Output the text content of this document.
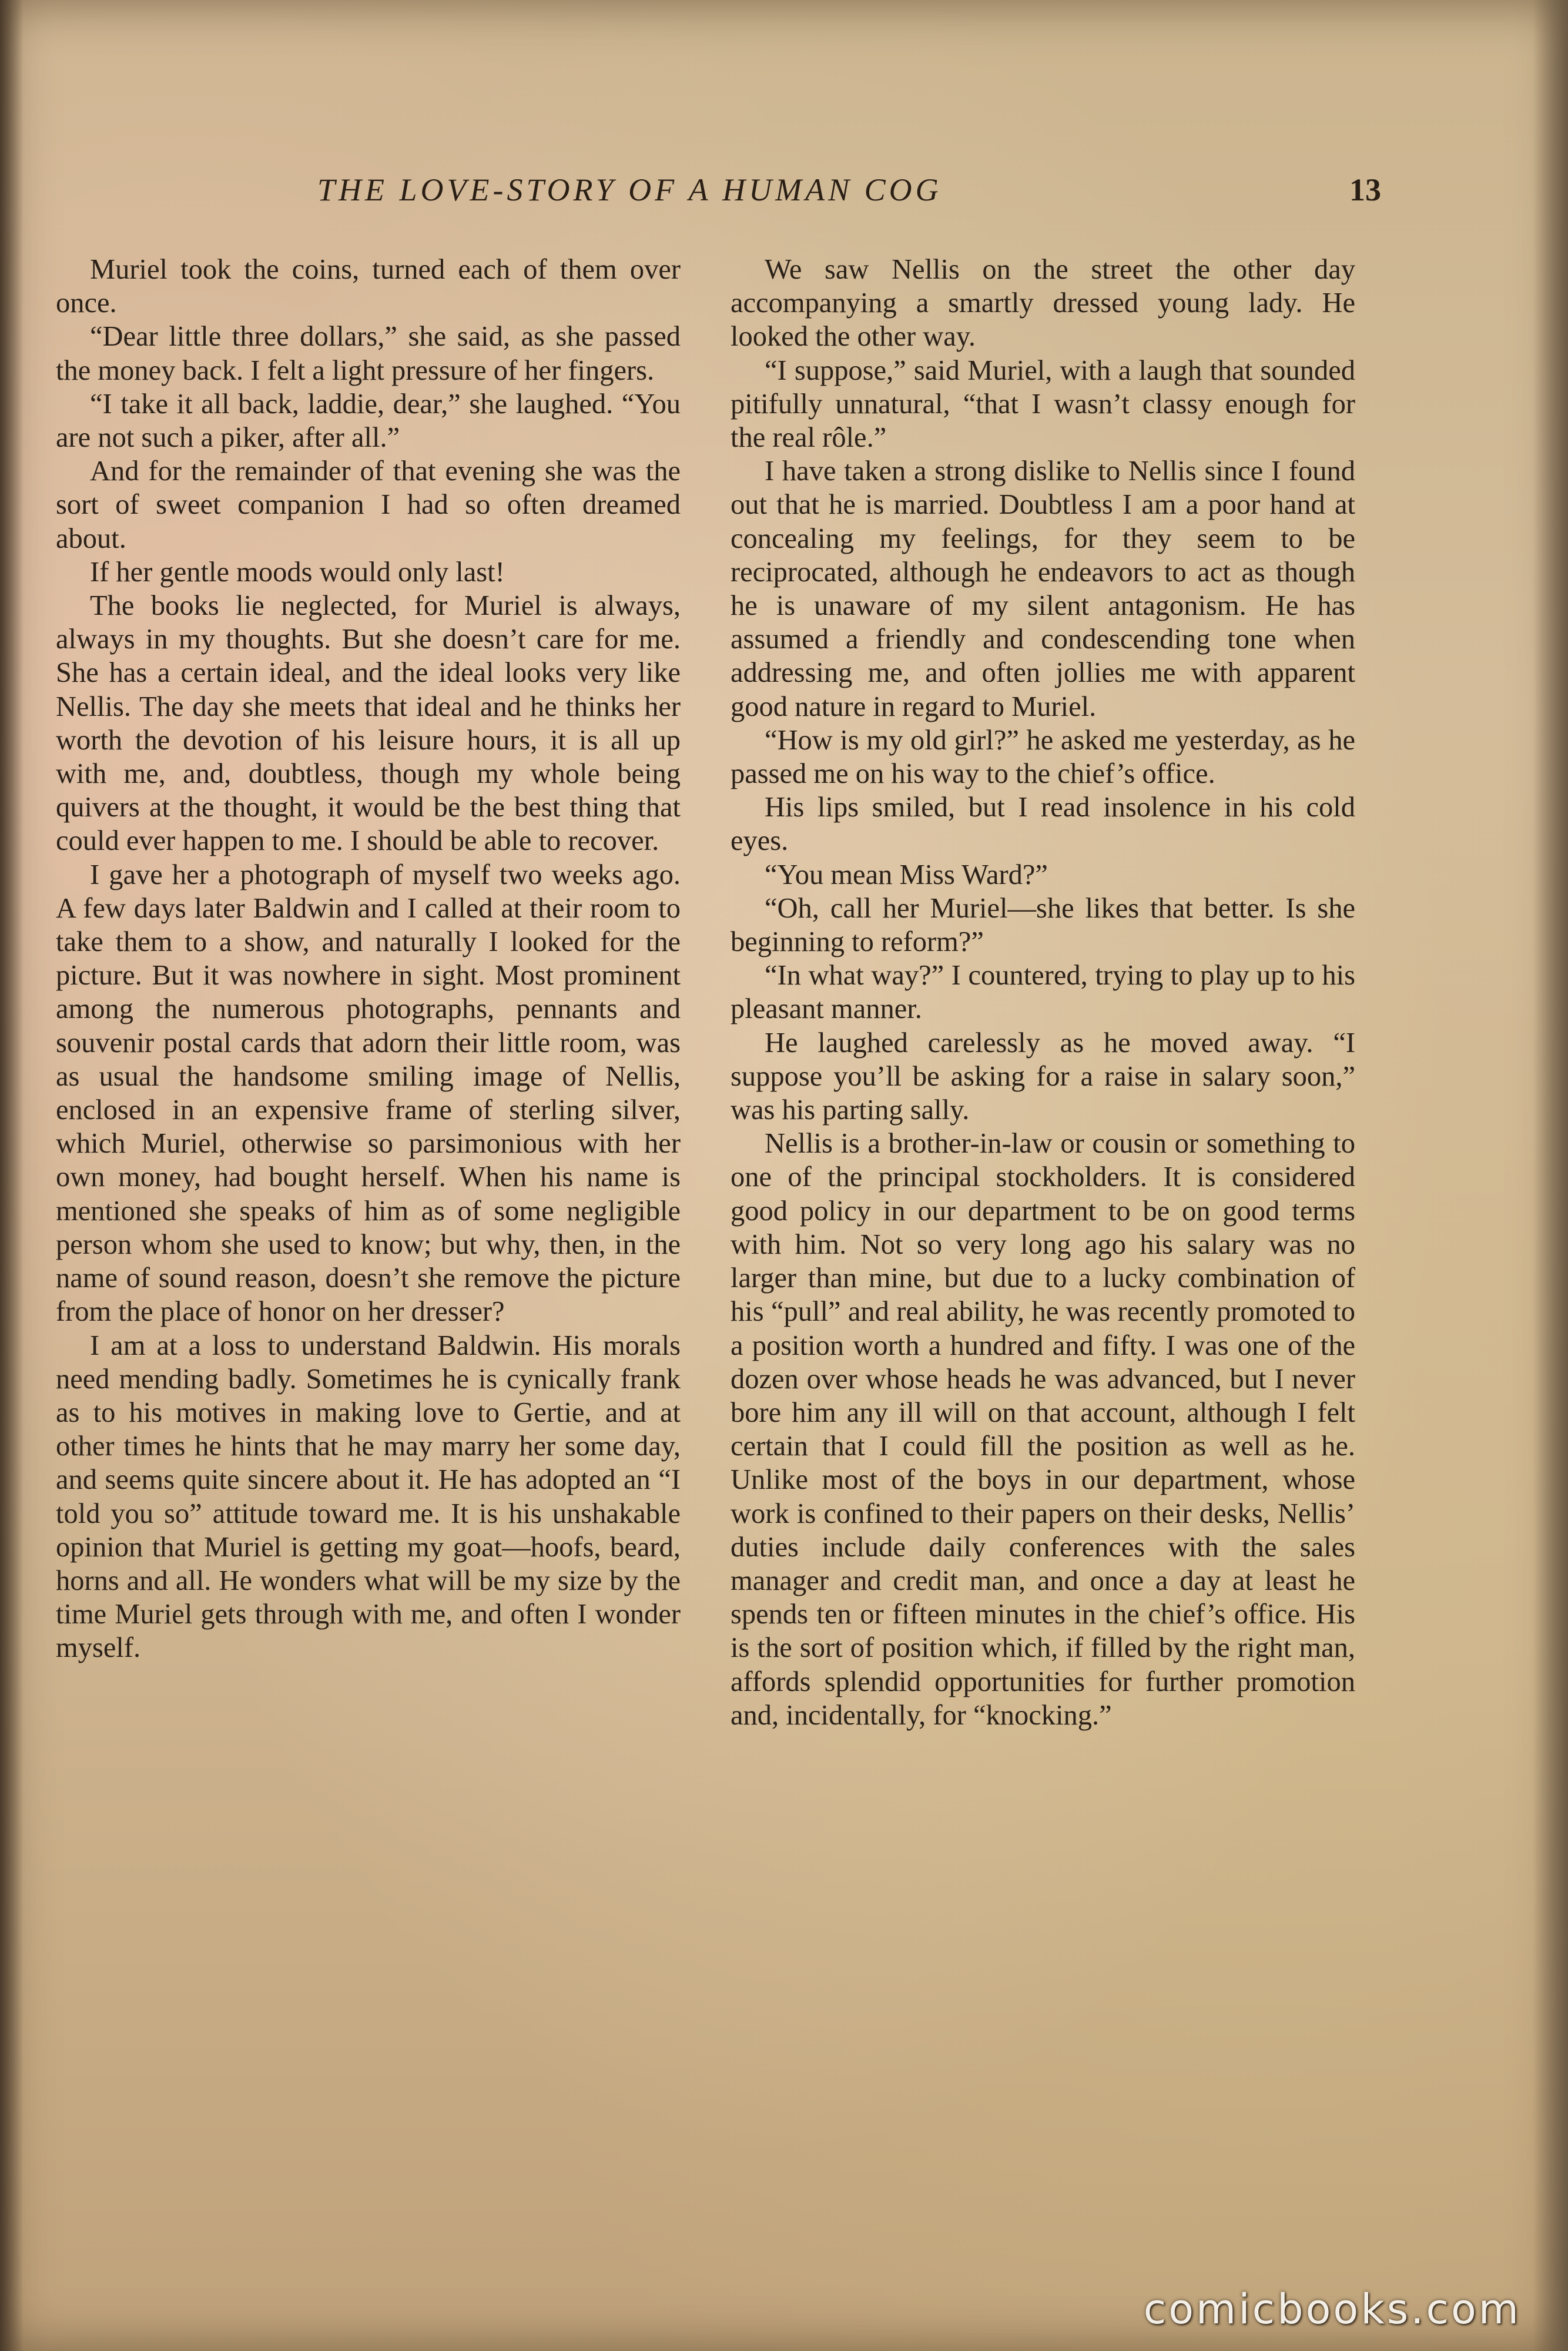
THE LOVE-STORY OF A HUMAN COG	13

Muriel took the coins, turned each of them over once.

“Dear little three dollars,” she said, as she passed the money back. I felt a light pressure of her fingers.

“I take it all back, laddie, dear,” she laughed. “You are not such a piker, after all.”

And for the remainder of that evening she was the sort of sweet companion I had so often dreamed about.

If her gentle moods would only last!

The books lie neglected, for Muriel is always, always in my thoughts. But she doesn’t care for me. She has a certain ideal, and the ideal looks very like Nellis. The day she meets that ideal and he thinks her worth the devotion of his leisure hours, it is all up with me, and, doubtless, though my whole being quivers at the thought, it would be the best thing that could ever happen to me. I should be able to recover.

I gave her a photograph of myself two weeks ago. A few days later Baldwin and I called at their room to take them to a show, and naturally I looked for the picture. But it was nowhere in sight. Most prominent among the numerous photographs, pennants and souvenir postal cards that adorn their little room, was as usual the handsome smiling image of Nellis, enclosed in an expensive frame of sterling silver, which Muriel, otherwise so parsimonious with her own money, had bought herself. When his name is mentioned she speaks of him as of some negligible person whom she used to know; but why, then, in the name of sound reason, doesn’t she remove the picture from the place of honor on her dresser?

I am at a loss to understand Baldwin. His morals need mending badly. Sometimes he is cynically frank as to his motives in making love to Gertie, and at other times he hints that he may marry her some day, and seems quite sincere about it. He has adopted an “I told you so” attitude toward me. It is his unshakable opinion that Muriel is getting my goat—hoofs, beard, horns and all. He wonders what will be my size by the time Muriel gets through with me, and often I wonder myself.

We saw Nellis on the street the other day accompanying a smartly dressed young lady. He looked the other way.

“I suppose,” said Muriel, with a laugh that sounded pitifully unnatural, “that I wasn’t classy enough for the real rôle.”

I have taken a strong dislike to Nellis since I found out that he is married. Doubtless I am a poor hand at concealing my feelings, for they seem to be reciprocated, although he endeavors to act as though he is unaware of my silent antagonism. He has assumed a friendly and condescending tone when addressing me, and often jollies me with apparent good nature in regard to Muriel.

“How is my old girl?” he asked me yesterday, as he passed me on his way to the chief’s office.

His lips smiled, but I read insolence in his cold eyes.

“You mean Miss Ward?”

“Oh, call her Muriel—she likes that better. Is she beginning to reform?”

“In what way?” I countered, trying to play up to his pleasant manner.

He laughed carelessly as he moved away. “I suppose you’ll be asking for a raise in salary soon,” was his parting sally.

Nellis is a brother-in-law or cousin or something to one of the principal stockholders. It is considered good policy in our department to be on good terms with him. Not so very long ago his salary was no larger than mine, but due to a lucky combination of his “pull” and real ability, he was recently promoted to a position worth a hundred and fifty. I was one of the dozen over whose heads he was advanced, but I never bore him any ill will on that account, although I felt certain that I could fill the position as well as he. Unlike most of the boys in our department, whose work is confined to their papers on their desks, Nellis’ duties include daily conferences with the sales manager and credit man, and once a day at least he spends ten or fifteen minutes in the chief’s office. His is the sort of position which, if filled by the right man, affords splendid opportunities for further promotion and, incidentally, for “knocking.”

comicbooks.com
